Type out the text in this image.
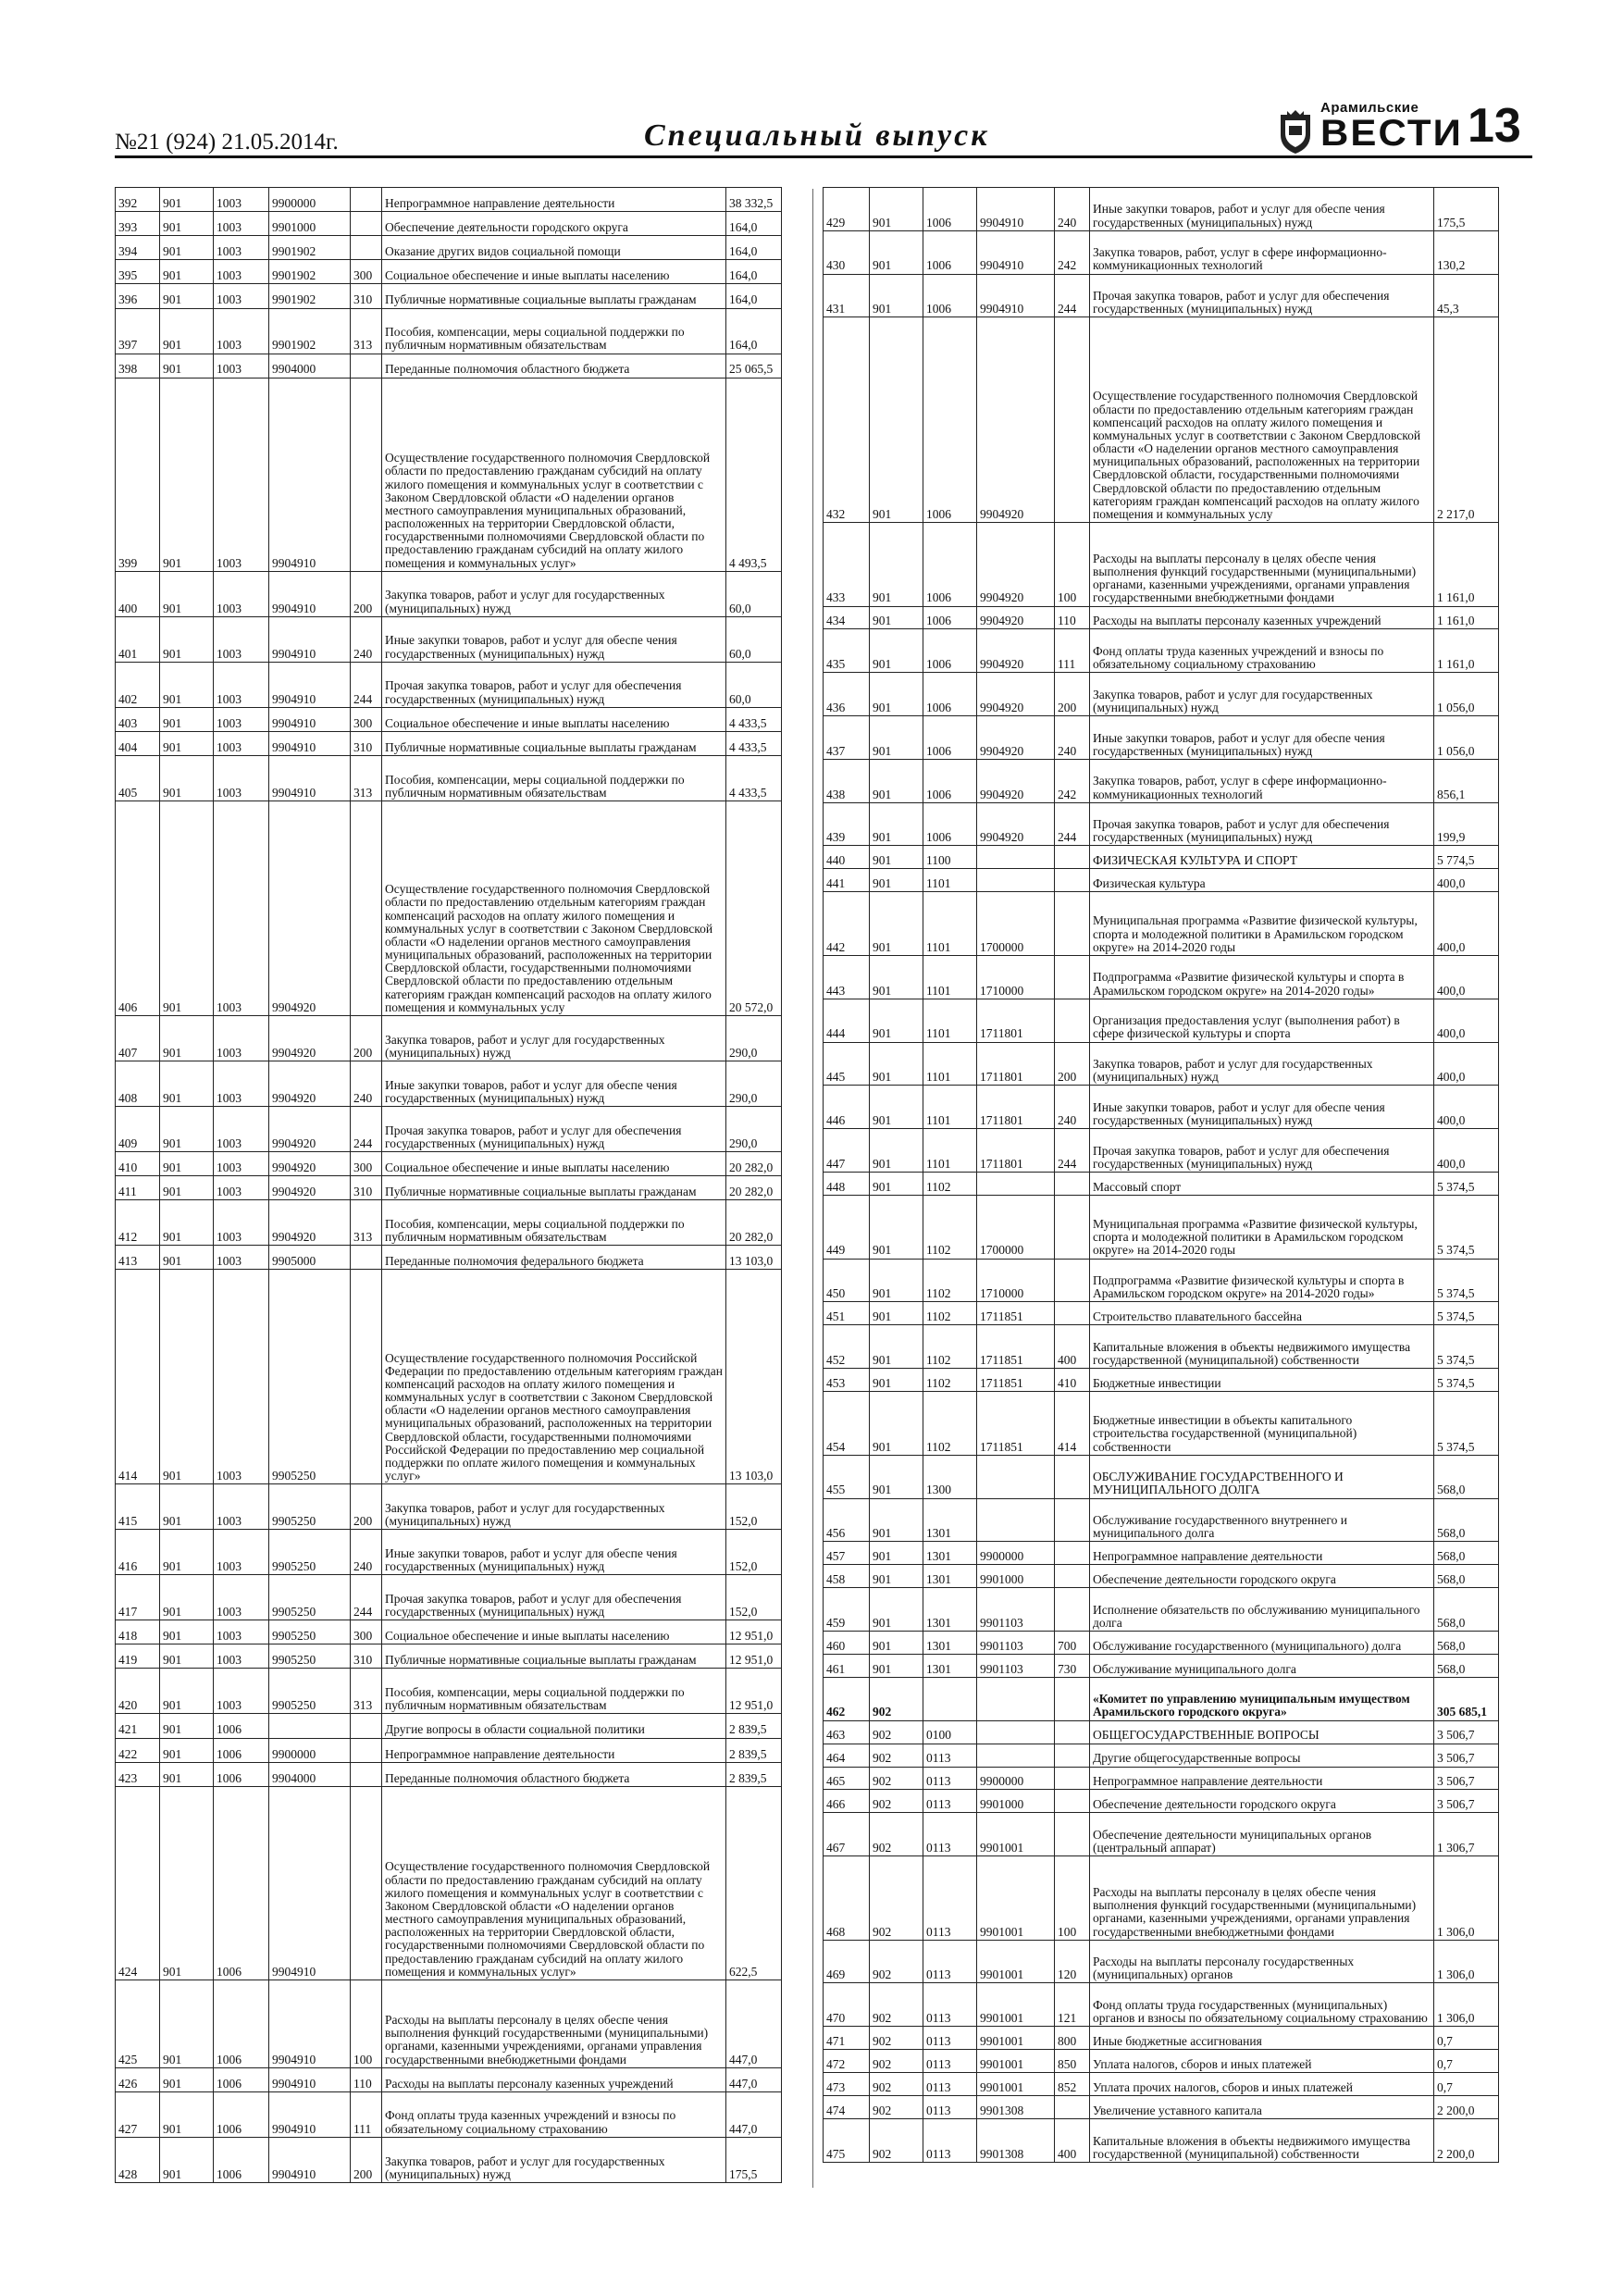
№21 (924) 21.05.2014г.	Специальный выпуск
Арамильские
ВЕСТИ 13
392	901	1003	9900000		Непрограммное направление деятельности	38 332,5
393	901	1003	9901000		Обеспечение деятельности городского округа	164,0
394	901	1003	9901902		Оказание других видов социальной помощи	164,0
395	901	1003	9901902	300	Социальное обеспечение и иные выплаты населению	164,0
396	901	1003	9901902	310	Публичные нормативные социальные выплаты гражданам	164,0
397	901	1003	9901902	313	Пособия, компенсации, меры социальной поддержки по публичным нормативным обязательствам	164,0
398	901	1003	9904000		Переданные полномочия областного бюджета	25 065,5
399	901	1003	9904910		Осуществление государственного полномочия Свердловской области по предоставлению гражданам субсидий на оплату жилого помещения и коммунальных услуг в соответствии с Законом Свердловской области «О наделении органов местного самоуправления муниципальных образований, расположенных на территории Свердловской области, государственными полномочиями Свердловской области по предоставлению гражданам субсидий на оплату жилого помещения и коммунальных услуг»	4 493,5
400	901	1003	9904910	200	Закупка товаров, работ и услуг для государственных (муниципальных) нужд	60,0
401	901	1003	9904910	240	Иные закупки товаров, работ и услуг для обеспе чения государственных (муниципальных) нужд	60,0
402	901	1003	9904910	244	Прочая закупка товаров, работ и услуг для обеспечения государственных (муниципальных) нужд	60,0
403	901	1003	9904910	300	Социальное обеспечение и иные выплаты населению	4 433,5
404	901	1003	9904910	310	Публичные нормативные социальные выплаты гражданам	4 433,5
405	901	1003	9904910	313	Пособия, компенсации, меры социальной поддержки по публичным нормативным обязательствам	4 433,5
406	901	1003	9904920		Осуществление государственного полномочия Свердловской области по предоставлению отдельным категориям граждан компенсаций расходов на оплату жилого помещения и коммунальных услуг в соответствии с Законом Свердловской области «О наделении органов местного самоуправления муниципальных образований, расположенных на территории Свердловской области, государственными полномочиями Свердловской области по предоставлению отдельным категориям граждан компенсаций расходов на оплату жилого помещения и коммунальных услу	20 572,0
407	901	1003	9904920	200	Закупка товаров, работ и услуг для государственных (муниципальных) нужд	290,0
408	901	1003	9904920	240	Иные закупки товаров, работ и услуг для обеспе чения государственных (муниципальных) нужд	290,0
409	901	1003	9904920	244	Прочая закупка товаров, работ и услуг для обеспечения государственных (муниципальных) нужд	290,0
410	901	1003	9904920	300	Социальное обеспечение и иные выплаты населению	20 282,0
411	901	1003	9904920	310	Публичные нормативные социальные выплаты гражданам	20 282,0
412	901	1003	9904920	313	Пособия, компенсации, меры социальной поддержки по публичным нормативным обязательствам	20 282,0
413	901	1003	9905000		Переданные полномочия федерального бюджета	13 103,0
414	901	1003	9905250		Осуществление государственного полномочия Российской Федерации по предоставлению отдельным категориям граждан компенсаций расходов на оплату жилого помещения и коммунальных услуг в соответствии с Законом Свердловской области «О наделении органов местного самоуправления муниципальных образований, расположенных на территории Свердловской области, государственными полномочиями Российской Федерации по предоставлению мер социальной поддержки по оплате жилого помещения и коммунальных услуг»	13 103,0
415	901	1003	9905250	200	Закупка товаров, работ и услуг для государственных (муниципальных) нужд	152,0
416	901	1003	9905250	240	Иные закупки товаров, работ и услуг для обеспе чения государственных (муниципальных) нужд	152,0
417	901	1003	9905250	244	Прочая закупка товаров, работ и услуг для обеспечения государственных (муниципальных) нужд	152,0
418	901	1003	9905250	300	Социальное обеспечение и иные выплаты населению	12 951,0
419	901	1003	9905250	310	Публичные нормативные социальные выплаты гражданам	12 951,0
420	901	1003	9905250	313	Пособия, компенсации, меры социальной поддержки по публичным нормативным обязательствам	12 951,0
421	901	1006			Другие вопросы в области социальной политики	2 839,5
422	901	1006	9900000		Непрограммное направление деятельности	2 839,5
423	901	1006	9904000		Переданные полномочия областного бюджета	2 839,5
424	901	1006	9904910		Осуществление государственного полномочия Свердловской области по предоставлению гражданам субсидий на оплату жилого помещения и коммунальных услуг в соответствии с Законом Свердловской области «О наделении органов местного самоуправления муниципальных образований, расположенных на территории Свердловской области, государственными полномочиями Свердловской области по предоставлению гражданам субсидий на оплату жилого помещения и коммунальных услуг»	622,5
425	901	1006	9904910	100	Расходы на выплаты персоналу в целях обеспе чения выполнения функций государственными (муниципальными) органами, казенными учреждениями, органами управления государственными внебюджетными фондами	447,0
426	901	1006	9904910	110	Расходы на выплаты персоналу казенных учреждений	447,0
427	901	1006	9904910	111	Фонд оплаты труда казенных учреждений и взносы по обязательному социальному страхованию	447,0
428	901	1006	9904910	200	Закупка товаров, работ и услуг для государственных (муниципальных) нужд	175,5
429	901	1006	9904910	240	Иные закупки товаров, работ и услуг для обеспе чения государственных (муниципальных) нужд	175,5
430	901	1006	9904910	242	Закупка товаров, работ, услуг в сфере информационно-коммуникационных технологий	130,2
431	901	1006	9904910	244	Прочая закупка товаров, работ и услуг для обеспечения государственных (муниципальных) нужд	45,3
432	901	1006	9904920		Осуществление государственного полномочия Свердловской области по предоставлению отдельным категориям граждан компенсаций расходов на оплату жилого помещения и коммунальных услуг в соответствии с Законом Свердловской области «О наделении органов местного самоуправления муниципальных образований, расположенных на территории Свердловской области, государственными полномочиями Свердловской области по предоставлению отдельным категориям граждан компенсаций расходов на оплату жилого помещения и коммунальных услу	2 217,0
433	901	1006	9904920	100	Расходы на выплаты персоналу в целях обеспе чения выполнения функций государственными (муниципальными) органами, казенными учреждениями, органами управления государственными внебюджетными фондами	1 161,0
434	901	1006	9904920	110	Расходы на выплаты персоналу казенных учреждений	1 161,0
435	901	1006	9904920	111	Фонд оплаты труда казенных учреждений и взносы по обязательному социальному страхованию	1 161,0
436	901	1006	9904920	200	Закупка товаров, работ и услуг для государственных (муниципальных) нужд	1 056,0
437	901	1006	9904920	240	Иные закупки товаров, работ и услуг для обеспе чения государственных (муниципальных) нужд	1 056,0
438	901	1006	9904920	242	Закупка товаров, работ, услуг в сфере информационно-коммуникационных технологий	856,1
439	901	1006	9904920	244	Прочая закупка товаров, работ и услуг для обеспечения государственных (муниципальных) нужд	199,9
440	901	1100			ФИЗИЧЕСКАЯ КУЛЬТУРА И СПОРТ	5 774,5
441	901	1101			Физическая культура	400,0
442	901	1101	1700000		Муниципальная программа «Развитие физической культуры, спорта и молодежной политики в Арамильском городском округе» на 2014-2020 годы	400,0
443	901	1101	1710000		Подпрограмма «Развитие физической культуры и спорта в Арамильском городском округе» на 2014-2020 годы»	400,0
444	901	1101	1711801		Организация предоставления услуг (выполнения работ) в сфере физической культуры и спорта	400,0
445	901	1101	1711801	200	Закупка товаров, работ и услуг для государственных (муниципальных) нужд	400,0
446	901	1101	1711801	240	Иные закупки товаров, работ и услуг для обеспе чения государственных (муниципальных) нужд	400,0
447	901	1101	1711801	244	Прочая закупка товаров, работ и услуг для обеспечения государственных (муниципальных) нужд	400,0
448	901	1102			Массовый спорт	5 374,5
449	901	1102	1700000		Муниципальная программа «Развитие физической культуры, спорта и молодежной политики в Арамильском городском округе» на 2014-2020 годы	5 374,5
450	901	1102	1710000		Подпрограмма «Развитие физической культуры и спорта в Арамильском городском округе» на 2014-2020 годы»	5 374,5
451	901	1102	1711851		Строительство плавательного бассейна	5 374,5
452	901	1102	1711851	400	Капитальные вложения в объекты недвижимого имущества государственной (муниципальной) собственности	5 374,5
453	901	1102	1711851	410	Бюджетные инвестиции	5 374,5
454	901	1102	1711851	414	Бюджетные инвестиции в объекты капитального строительства государственной (муниципальной) собственности	5 374,5
455	901	1300			ОБСЛУЖИВАНИЕ ГОСУДАРСТВЕННОГО И МУНИЦИПАЛЬНОГО ДОЛГА	568,0
456	901	1301			Обслуживание государственного внутреннего и муниципального долга	568,0
457	901	1301	9900000		Непрограммное направление деятельности	568,0
458	901	1301	9901000		Обеспечение деятельности городского округа	568,0
459	901	1301	9901103		Исполнение обязательств по обслуживанию муниципального долга	568,0
460	901	1301	9901103	700	Обслуживание государственного (муниципального) долга	568,0
461	901	1301	9901103	730	Обслуживание муниципального долга	568,0
462	902				«Комитет по управлению муниципальным имуществом Арамильского городского округа»	305 685,1
463	902	0100			ОБЩЕГОСУДАРСТВЕННЫЕ ВОПРОСЫ	3 506,7
464	902	0113			Другие общегосударственные вопросы	3 506,7
465	902	0113	9900000		Непрограммное направление деятельности	3 506,7
466	902	0113	9901000		Обеспечение деятельности городского округа	3 506,7
467	902	0113	9901001		Обеспечение деятельности муниципальных органов (центральный аппарат)	1 306,7
468	902	0113	9901001	100	Расходы на выплаты персоналу в целях обеспе чения выполнения функций государственными (муниципальными) органами, казенными учреждениями, органами управления государственными внебюджетными фондами	1 306,0
469	902	0113	9901001	120	Расходы на выплаты персоналу государственных (муниципальных) органов	1 306,0
470	902	0113	9901001	121	Фонд оплаты труда государственных (муниципальных) органов и взносы по обязательному социальному страхованию	1 306,0
471	902	0113	9901001	800	Иные бюджетные ассигнования	0,7
472	902	0113	9901001	850	Уплата налогов, сборов и иных платежей	0,7
473	902	0113	9901001	852	Уплата прочих налогов, сборов и иных платежей	0,7
474	902	0113	9901308		Увеличение уставного капитала	2 200,0
475	902	0113	9901308	400	Капитальные вложения в объекты недвижимого имущества государственной (муниципальной) собственности	2 200,0
